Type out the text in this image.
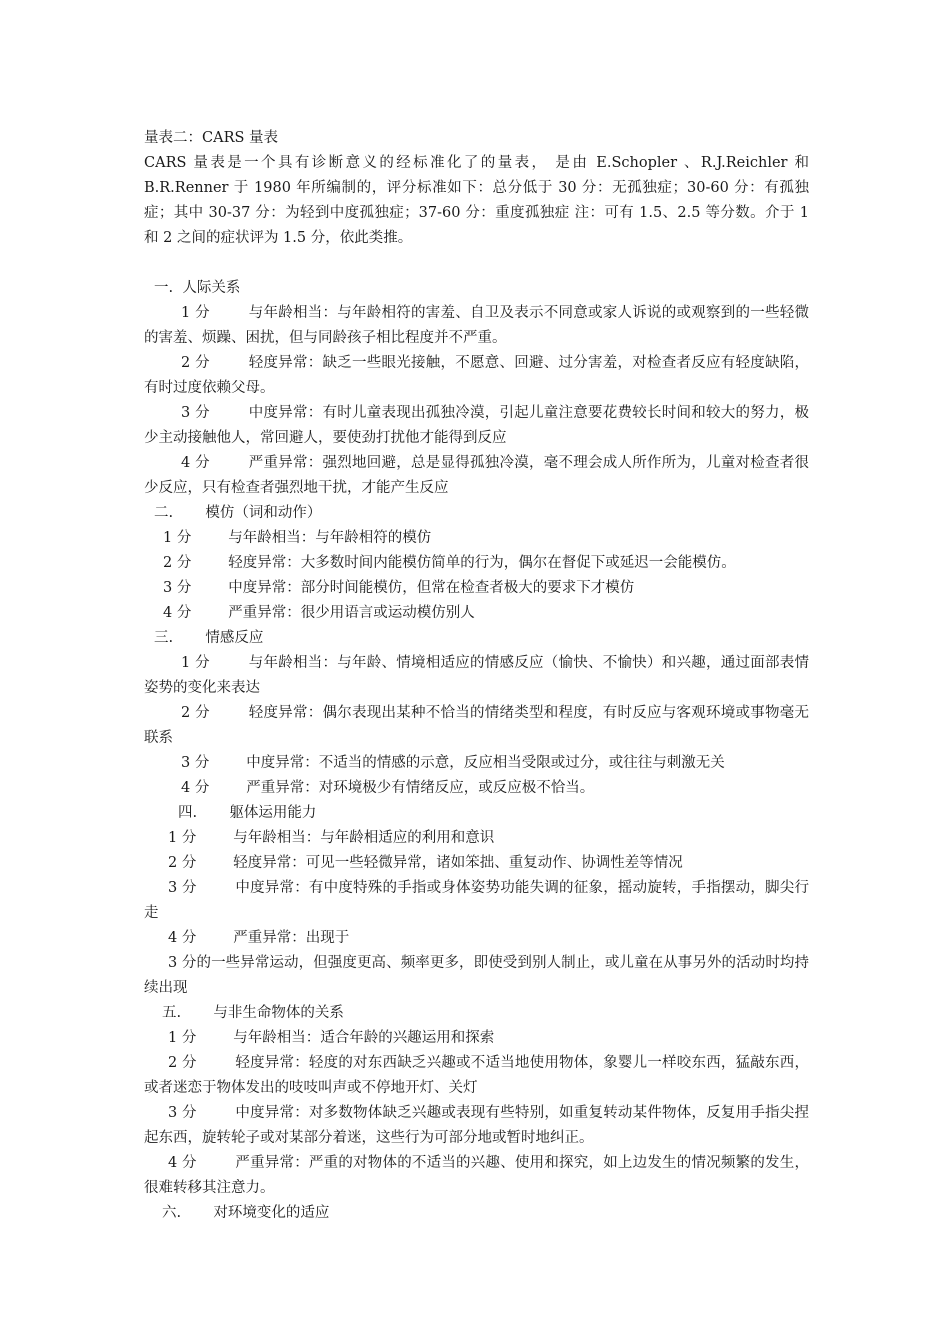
量表二：CARS 量表

CARS 量表是一个具有诊断意义的经标准化了的量表， 是由 E.Schopler 、R.J.Reichler 和 B.R.Renner 于 1980 年所编制的，评分标准如下：总分低于 30 分：无孤独症；30-60 分：有孤独症；其中 30-37 分：为轻到中度孤独症；37-60 分：重度孤独症 注：可有 1.5、2.5 等分数。介于 1 和 2 之间的症状评为 1.5 分，依此类推。

一.  人际关系

1 分        与年龄相当：与年龄相符的害羞、自卫及表示不同意或家人诉说的或观察到的一些轻微的害羞、烦躁、困扰，但与同龄孩子相比程度并不严重。

2 分        轻度异常：缺乏一些眼光接触，不愿意、回避、过分害羞，对检查者反应有轻度缺陷，有时过度依赖父母。

3 分        中度异常：有时儿童表现出孤独冷漠，引起儿童注意要花费较长时间和较大的努力，极少主动接触他人，常回避人，要使劲打扰他才能得到反应

4 分        严重异常：强烈地回避，总是显得孤独冷漠，毫不理会成人所作所为，儿童对检查者很少反应，只有检查者强烈地干扰，才能产生反应

二.       模仿（词和动作）

1 分        与年龄相当：与年龄相符的模仿

2 分        轻度异常：大多数时间内能模仿简单的行为，偶尔在督促下或延迟一会能模仿。

3 分        中度异常：部分时间能模仿，但常在检查者极大的要求下才模仿

4 分        严重异常：很少用语言或运动模仿别人

三.       情感反应

1 分        与年龄相当：与年龄、情境相适应的情感反应（愉快、不愉快）和兴趣，通过面部表情姿势的变化来表达

2 分        轻度异常：偶尔表现出某种不恰当的情绪类型和程度，有时反应与客观环境或事物毫无联系

3 分        中度异常：不适当的情感的示意，反应相当受限或过分，或往往与刺激无关

4 分        严重异常：对环境极少有情绪反应，或反应极不恰当。

四.       躯体运用能力

1 分        与年龄相当：与年龄相适应的利用和意识

2 分        轻度异常：可见一些轻微异常，诸如笨拙、重复动作、协调性差等情况

3 分        中度异常：有中度特殊的手指或身体姿势功能失调的征象，摇动旋转，手指摆动，脚尖行走

4 分        严重异常：出现于

3 分的一些异常运动，但强度更高、频率更多，即使受到别人制止，或儿童在从事另外的活动时均持续出现

五.       与非生命物体的关系

1 分        与年龄相当：适合年龄的兴趣运用和探索

2 分        轻度异常：轻度的对东西缺乏兴趣或不适当地使用物体，象婴儿一样咬东西，猛敲东西，或者迷恋于物体发出的吱吱叫声或不停地开灯、关灯

3 分        中度异常：对多数物体缺乏兴趣或表现有些特别，如重复转动某件物体，反复用手指尖捏起东西，旋转轮子或对某部分着迷，这些行为可部分地或暂时地纠正。

4 分        严重异常：严重的对物体的不适当的兴趣、使用和探究，如上边发生的情况频繁的发生，很难转移其注意力。

六.       对环境变化的适应
